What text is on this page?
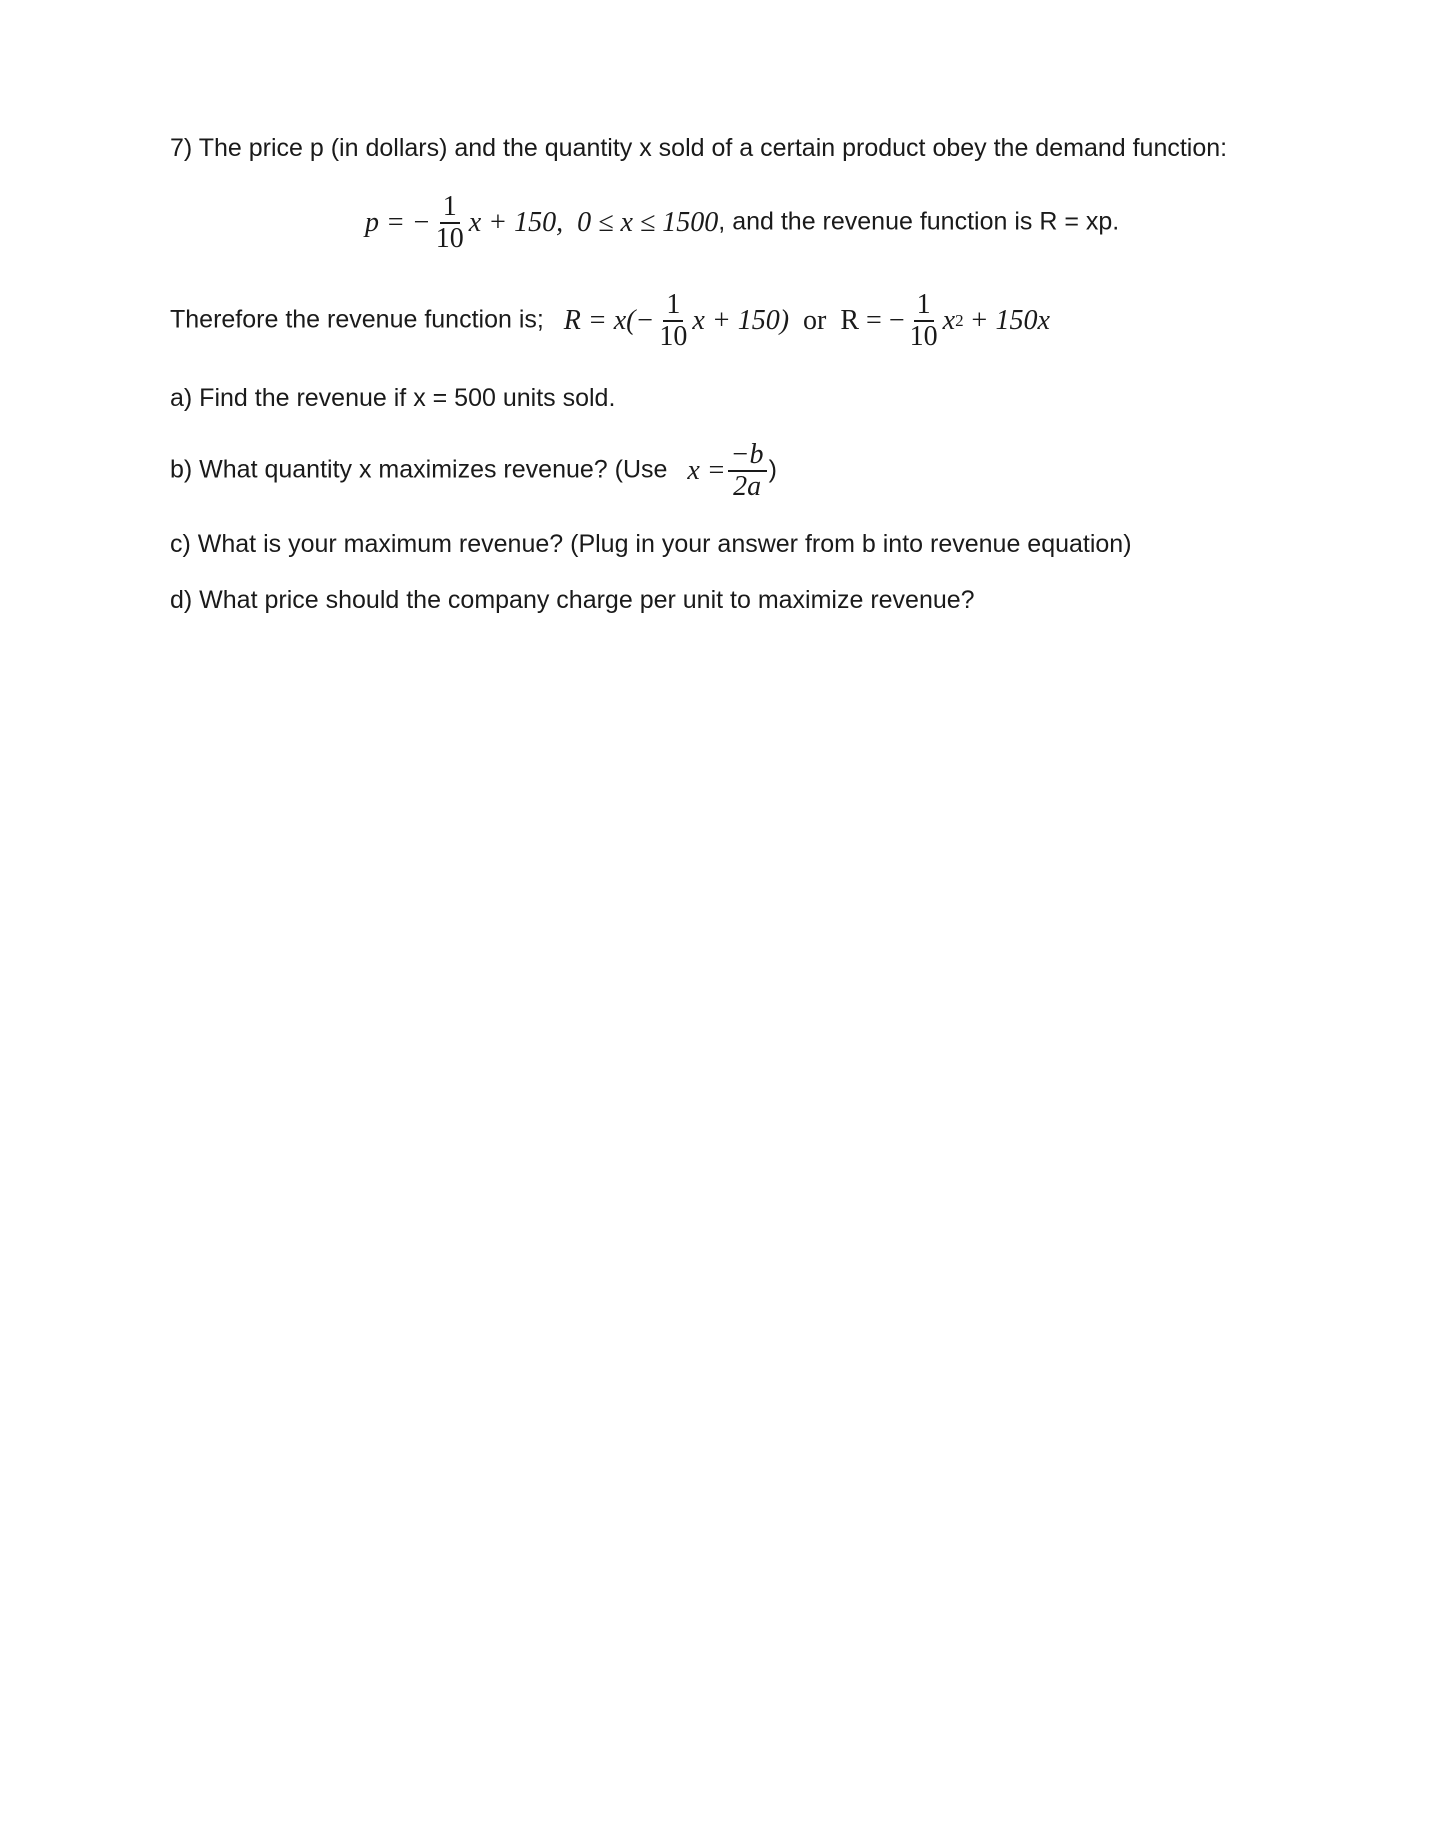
7) The price p (in dollars) and the quantity x sold of a certain product obey the demand function:
p = − $\frac{1}{10}$ x + 150, 0 ≤ x ≤ 1500 , and the revenue function is R = xp.
Therefore the revenue function is; $R = x(- \frac{1}{10}$ x + 150) or R = − $\frac{1}{10}$ x 2 + 150x
a) Find the revenue if x = 500 units sold.
b) What quantity x maximizes revenue? (Use $x = \frac{-b}{2a}$ )
c) What is your maximum revenue? (Plug in your answer from b into revenue equation)
d) What price should the company charge per unit to maximize revenue?
